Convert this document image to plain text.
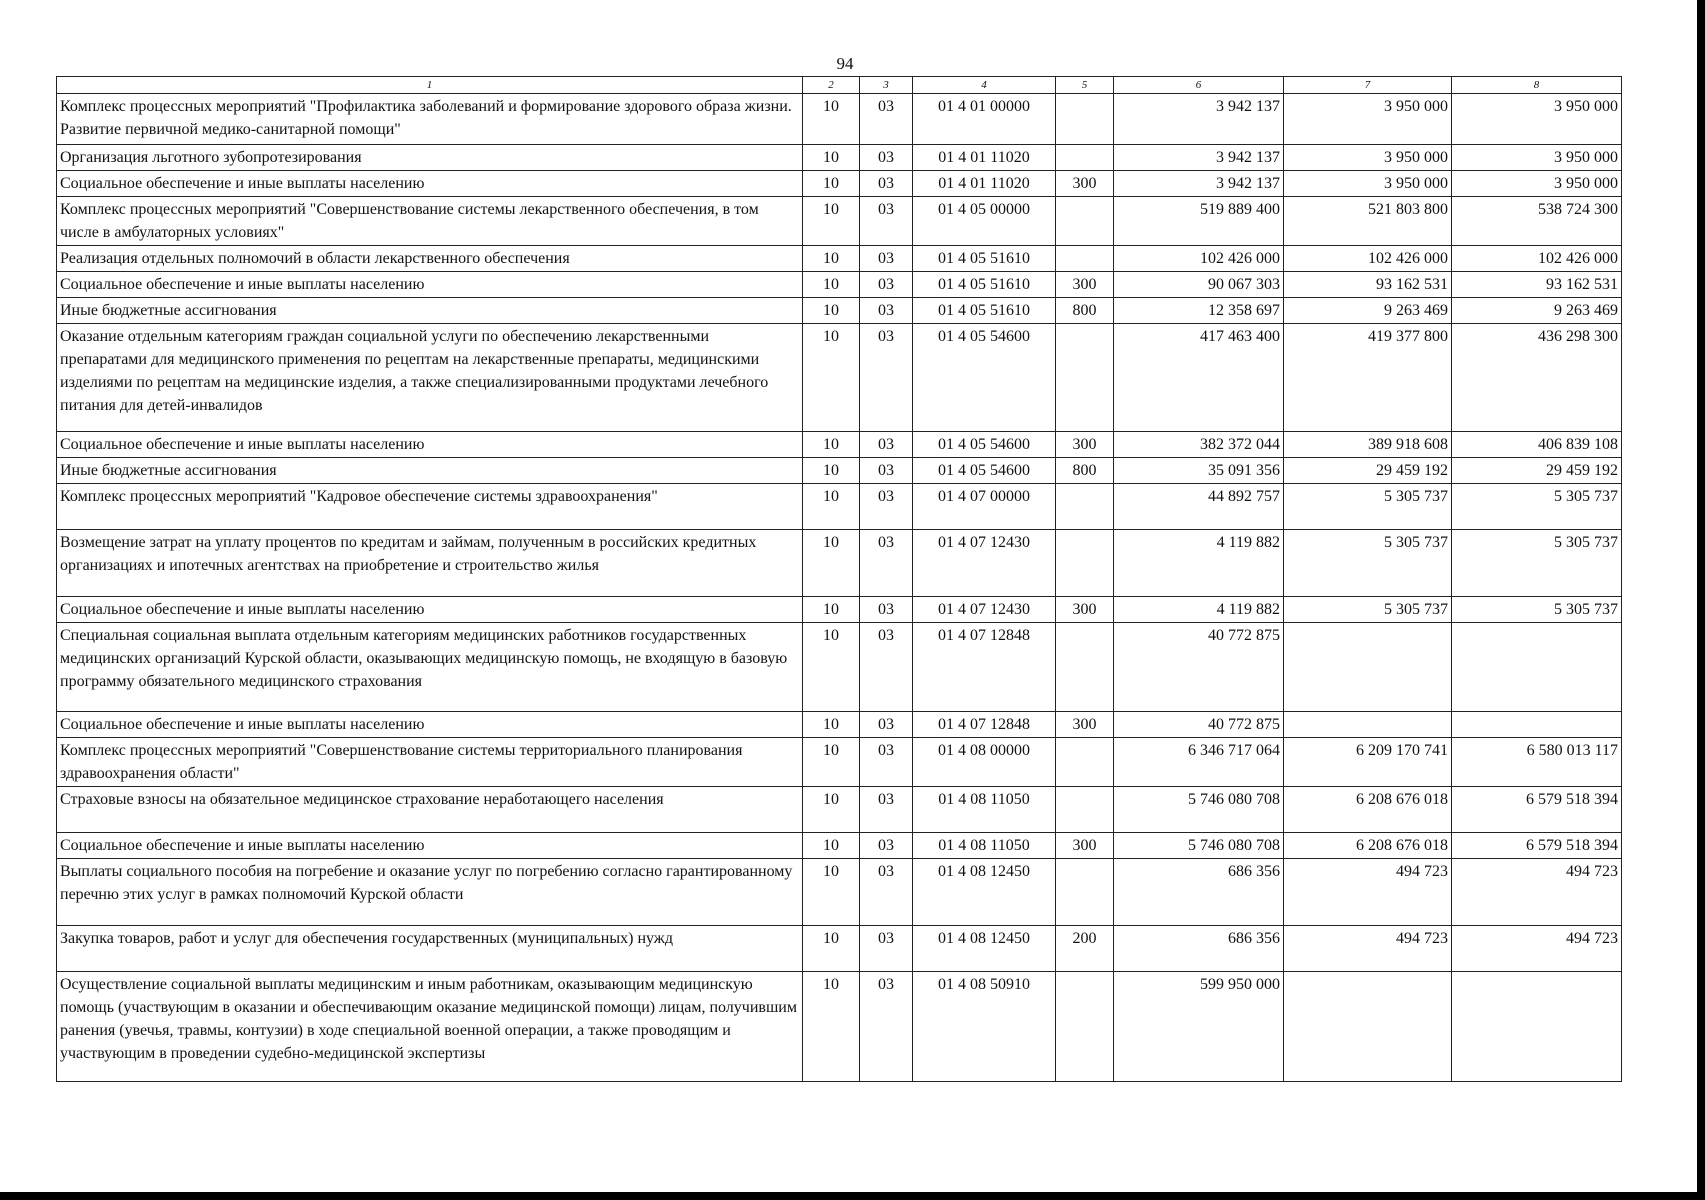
94
1	2	3	4	5	6	7	8
Комплекс процессных мероприятий "Профилактика заболеваний и формирование здорового образа жизни. Развитие первичной медико-санитарной помощи"	10	03	01 4 01 00000		3 942 137	3 950 000	3 950 000
Организация льготного зубопротезирования	10	03	01 4 01 11020		3 942 137	3 950 000	3 950 000
Социальное обеспечение и иные выплаты населению	10	03	01 4 01 11020	300	3 942 137	3 950 000	3 950 000
Комплекс процессных мероприятий "Совершенствование системы лекарственного обеспечения, в том числе в амбулаторных условиях"	10	03	01 4 05 00000		519 889 400	521 803 800	538 724 300
Реализация отдельных полномочий в области лекарственного обеспечения	10	03	01 4 05 51610		102 426 000	102 426 000	102 426 000
Социальное обеспечение и иные выплаты населению	10	03	01 4 05 51610	300	90 067 303	93 162 531	93 162 531
Иные бюджетные ассигнования	10	03	01 4 05 51610	800	12 358 697	9 263 469	9 263 469
Оказание отдельным категориям граждан социальной услуги по обеспечению лекарственными препаратами для медицинского применения по рецептам на лекарственные препараты, медицинскими изделиями по рецептам на медицинские изделия, а также специализированными продуктами лечебного питания для детей-инвалидов	10	03	01 4 05 54600		417 463 400	419 377 800	436 298 300
Социальное обеспечение и иные выплаты населению	10	03	01 4 05 54600	300	382 372 044	389 918 608	406 839 108
Иные бюджетные ассигнования	10	03	01 4 05 54600	800	35 091 356	29 459 192	29 459 192
Комплекс процессных мероприятий "Кадровое обеспечение системы здравоохранения"	10	03	01 4 07 00000		44 892 757	5 305 737	5 305 737
Возмещение затрат на уплату процентов по кредитам и займам, полученным в российских кредитных организациях и ипотечных агентствах на приобретение и строительство жилья	10	03	01 4 07 12430		4 119 882	5 305 737	5 305 737
Социальное обеспечение и иные выплаты населению	10	03	01 4 07 12430	300	4 119 882	5 305 737	5 305 737
Специальная социальная выплата отдельным категориям медицинских работников государственных медицинских организаций Курской области, оказывающих медицинскую помощь, не входящую в базовую программу обязательного медицинского страхования	10	03	01 4 07 12848		40 772 875		
Социальное обеспечение и иные выплаты населению	10	03	01 4 07 12848	300	40 772 875		
Комплекс процессных мероприятий "Совершенствование системы территориального планирования здравоохранения области"	10	03	01 4 08 00000		6 346 717 064	6 209 170 741	6 580 013 117
Страховые взносы на обязательное медицинское страхование неработающего населения	10	03	01 4 08 11050		5 746 080 708	6 208 676 018	6 579 518 394
Социальное обеспечение и иные выплаты населению	10	03	01 4 08 11050	300	5 746 080 708	6 208 676 018	6 579 518 394
Выплаты социального пособия на погребение и оказание услуг по погребению согласно гарантированному перечню этих услуг в рамках полномочий Курской области	10	03	01 4 08 12450		686 356	494 723	494 723
Закупка товаров, работ и услуг для обеспечения государственных (муниципальных) нужд	10	03	01 4 08 12450	200	686 356	494 723	494 723
Осуществление социальной выплаты медицинским и иным работникам, оказывающим медицинскую помощь (участвующим в оказании и обеспечивающим оказание медицинской помощи) лицам, получившим ранения (увечья, травмы, контузии) в ходе специальной военной операции, а также проводящим и участвующим в проведении судебно-медицинской экспертизы	10	03	01 4 08 50910		599 950 000		
